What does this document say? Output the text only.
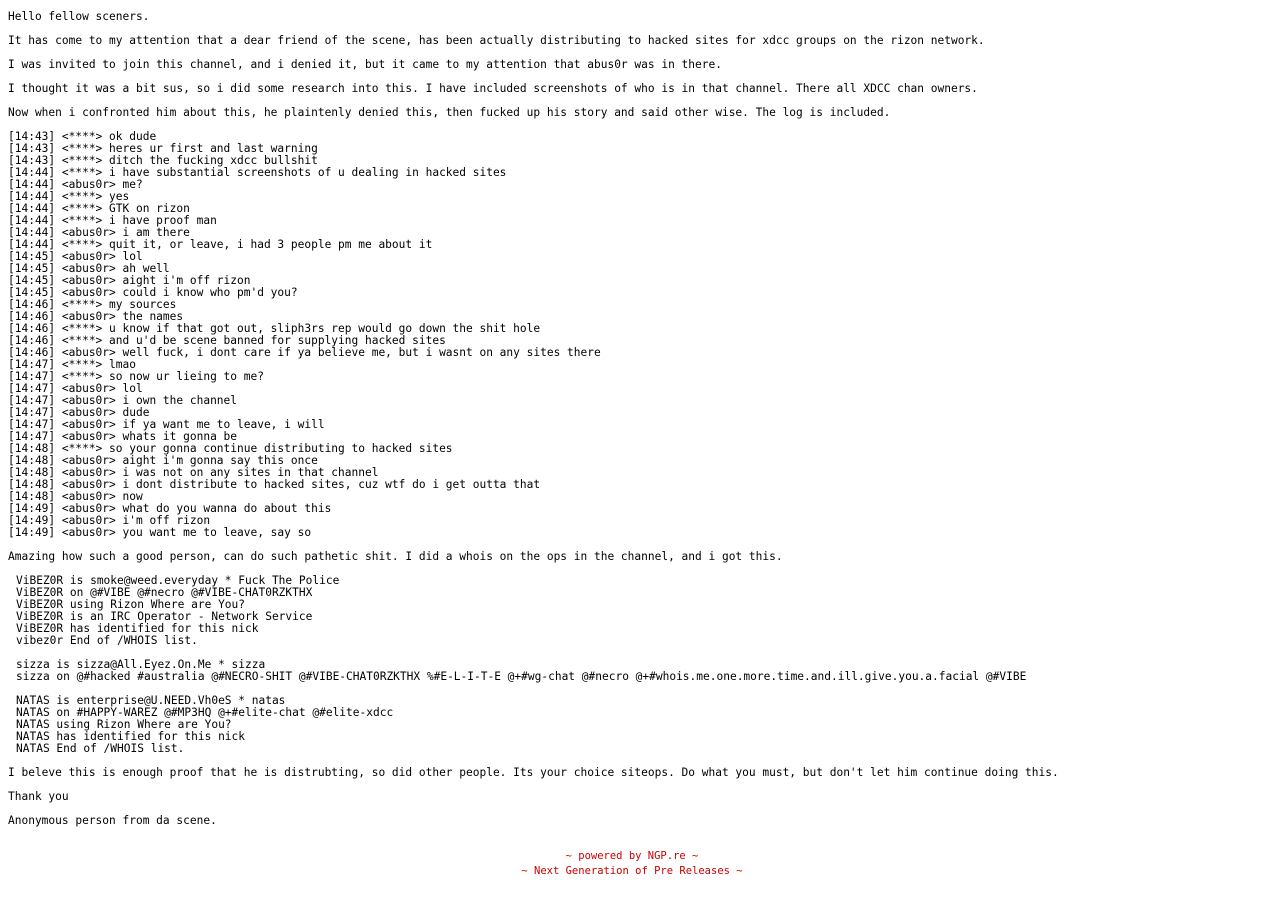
Hello fellow sceners.
It has come to my attention that a dear friend of the scene, has been actually distributing to hacked sites for xdcc groups on the rizon network.
I was invited to join this channel, and i denied it, but it came to my attention that abus0r was in there.
I thought it was a bit sus, so i did some research into this. I have included screenshots of who is in that channel. There all XDCC chan owners.
Now when i confronted him about this, he plaintenly denied this, then fucked up his story and said other wise. The log is included.
[14:43] <****> ok dude
[14:43] <****> heres ur first and last warning
[14:43] <****> ditch the fucking xdcc bullshit
[14:44] <****> i have substantial screenshots of u dealing in hacked sites
[14:44] <abus0r> me?
[14:44] <****> yes
[14:44] <****> GTK on rizon
[14:44] <****> i have proof man
[14:44] <abus0r> i am there
[14:44] <****> quit it, or leave, i had 3 people pm me about it
[14:45] <abus0r> lol
[14:45] <abus0r> ah well
[14:45] <abus0r> aight i'm off rizon
[14:45] <abus0r> could i know who pm'd you?
[14:46] <****> my sources
[14:46] <abus0r> the names
[14:46] <****> u know if that got out, sliph3rs rep would go down the shit hole
[14:46] <****> and u'd be scene banned for supplying hacked sites
[14:46] <abus0r> well fuck, i dont care if ya believe me, but i wasnt on any sites there
[14:47] <****> lmao
[14:47] <****> so now ur lieing to me?
[14:47] <abus0r> lol
[14:47] <abus0r> i own the channel
[14:47] <abus0r> dude
[14:47] <abus0r> if ya want me to leave, i will
[14:47] <abus0r> whats it gonna be
[14:48] <****> so your gonna continue distributing to hacked sites
[14:48] <abus0r> aight i'm gonna say this once
[14:48] <abus0r> i was not on any sites in that channel
[14:48] <abus0r> i dont distribute to hacked sites, cuz wtf do i get outta that
[14:48] <abus0r> now
[14:49] <abus0r> what do you wanna do about this
[14:49] <abus0r> i'm off rizon
[14:49] <abus0r> you want me to leave, say so
Amazing how such a good person, can do such pathetic shit. I did a whois on the ops in the channel, and i got this.
ViBEZ0R is smoke@weed.everyday * Fuck The Police
ViBEZ0R on @#VIBE @#necro @#VIBE-CHAT0RZKTHX
ViBEZ0R using Rizon Where are You?
ViBEZ0R is an IRC Operator - Network Service
ViBEZ0R has identified for this nick
vibez0r End of /WHOIS list.
sizza is sizza@All.Eyez.On.Me * sizza
sizza on @#hacked #australia @#NECRO-SHIT @#VIBE-CHAT0RZKTHX %#E-L-I-T-E @+#wg-chat @#necro @+#whois.me.one.more.time.and.ill.give.you.a.facial @#VIBE
NATAS is enterprise@U.NEED.Vh0eS * natas
NATAS on #HAPPY-WAREZ @#MP3HQ @+#elite-chat @#elite-xdcc
NATAS using Rizon Where are You?
NATAS has identified for this nick
NATAS End of /WHOIS list.
I beleve this is enough proof that he is distrubting, so did other people. Its your choice siteops. Do what you must, but don't let him continue doing this.
Thank you
Anonymous person from da scene.
~ powered by NGP.re ~
~ Next Generation of Pre Releases ~
